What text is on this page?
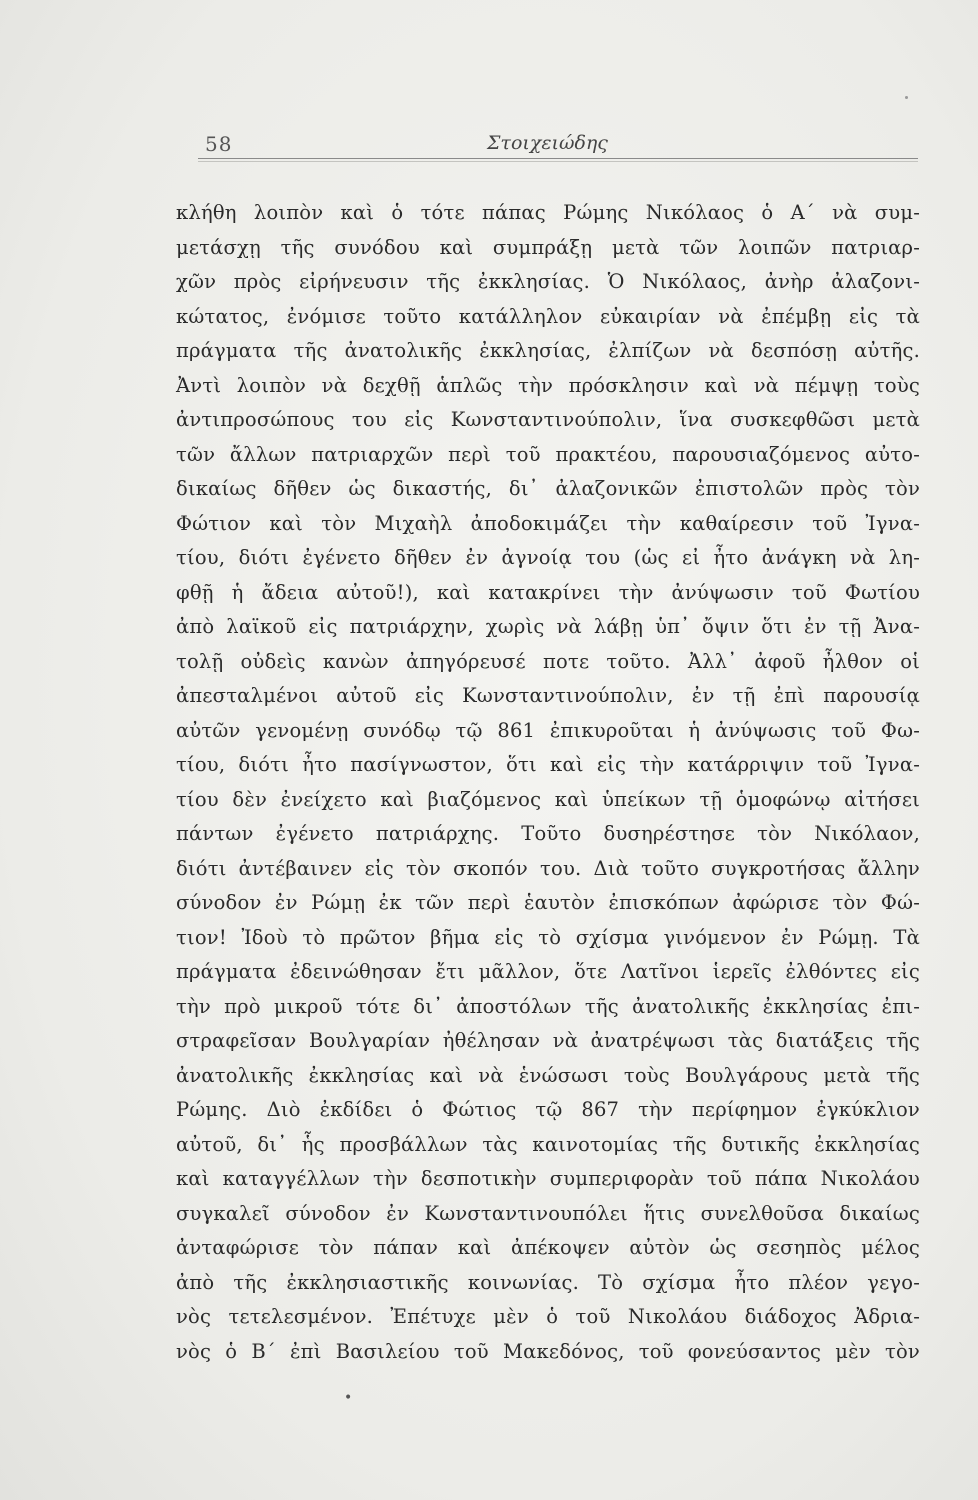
58	Στοιχειώδης
κλήθη λοιπὸν καὶ ὁ τότε πάπας Ρώμης Νικόλαος ὁ Α΄ νὰ συμ-
μετάσχῃ τῆς συνόδου καὶ συμπράξῃ μετὰ τῶν λοιπῶν πατριαρ-
χῶν πρὸς εἰρήνευσιν τῆς ἐκκλησίας. Ὁ Νικόλαος, ἀνὴρ ἀλαζονι-
κώτατος, ἐνόμισε τοῦτο κατάλληλον εὐκαιρίαν νὰ ἐπέμβῃ εἰς τὰ
πράγματα τῆς ἀνατολικῆς ἐκκλησίας, ἐλπίζων νὰ δεσπόσῃ αὐτῆς.
Ἀντὶ λοιπὸν νὰ δεχθῇ ἁπλῶς τὴν πρόσκλησιν καὶ νὰ πέμψῃ τοὺς
ἀντιπροσώπους του εἰς Κωνσταντινούπολιν, ἵνα συσκεφθῶσι μετὰ
τῶν ἄλλων πατριαρχῶν περὶ τοῦ πρακτέου, παρουσιαζόμενος αὐτο-
δικαίως δῆθεν ὡς δικαστής, δι᾽ ἀλαζονικῶν ἐπιστολῶν πρὸς τὸν
Φώτιον καὶ τὸν Μιχαὴλ ἀποδοκιμάζει τὴν καθαίρεσιν τοῦ Ἰγνα-
τίου, διότι ἐγένετο δῆθεν ἐν ἀγνοίᾳ του (ὡς εἰ ἦτο ἀνάγκη νὰ λη-
φθῇ ἡ ἄδεια αὐτοῦ!), καὶ κατακρίνει τὴν ἀνύψωσιν τοῦ Φωτίου
ἀπὸ λαϊκοῦ εἰς πατριάρχην, χωρὶς νὰ λάβῃ ὑπ᾽ ὄψιν ὅτι ἐν τῇ Ἀνα-
τολῇ οὐδεὶς κανὼν ἀπηγόρευσέ ποτε τοῦτο. Ἀλλ᾽ ἀφοῦ ἦλθον οἱ
ἀπεσταλμένοι αὐτοῦ εἰς Κωνσταντινούπολιν, ἐν τῇ ἐπὶ παρουσίᾳ
αὐτῶν γενομένῃ συνόδῳ τῷ 861 ἐπικυροῦται ἡ ἀνύψωσις τοῦ Φω-
τίου, διότι ἦτο πασίγνωστον, ὅτι καὶ εἰς τὴν κατάρριψιν τοῦ Ἰγνα-
τίου δὲν ἐνείχετο καὶ βιαζόμενος καὶ ὑπείκων τῇ ὁμοφώνῳ αἰτήσει
πάντων ἐγένετο πατριάρχης. Τοῦτο δυσηρέστησε τὸν Νικόλαον,
διότι ἀντέβαινεν εἰς τὸν σκοπόν του. Διὰ τοῦτο συγκροτήσας ἄλλην
σύνοδον ἐν Ρώμῃ ἐκ τῶν περὶ ἑαυτὸν ἐπισκόπων ἀφώρισε τὸν Φώ-
τιον! Ἰδοὺ τὸ πρῶτον βῆμα εἰς τὸ σχίσμα γινόμενον ἐν Ρώμῃ. Τὰ
πράγματα ἐδεινώθησαν ἔτι μᾶλλον, ὅτε Λατῖνοι ἱερεῖς ἐλθόντες εἰς
τὴν πρὸ μικροῦ τότε δι᾽ ἀποστόλων τῆς ἀνατολικῆς ἐκκλησίας ἐπι-
στραφεῖσαν Βουλγαρίαν ἠθέλησαν νὰ ἀνατρέψωσι τὰς διατάξεις τῆς
ἀνατολικῆς ἐκκλησίας καὶ νὰ ἑνώσωσι τοὺς Βουλγάρους μετὰ τῆς
Ρώμης. Διὸ ἐκδίδει ὁ Φώτιος τῷ 867 τὴν περίφημον ἐγκύκλιον
αὐτοῦ, δι᾽ ἧς προσβάλλων τὰς καινοτομίας τῆς δυτικῆς ἐκκλησίας
καὶ καταγγέλλων τὴν δεσποτικὴν συμπεριφορὰν τοῦ πάπα Νικολάου
συγκαλεῖ σύνοδον ἐν Κωνσταντινουπόλει ἥτις συνελθοῦσα δικαίως
ἀνταφώρισε τὸν πάπαν καὶ ἀπέκοψεν αὐτὸν ὡς σεσηπὸς μέλος
ἀπὸ τῆς ἐκκλησιαστικῆς κοινωνίας. Τὸ σχίσμα ἦτο πλέον γεγο-
νὸς τετελεσμένον. Ἐπέτυχε μὲν ὁ τοῦ Νικολάου διάδοχος Ἀδρια-
νὸς ὁ Β΄ ἐπὶ Βασιλείου τοῦ Μακεδόνος, τοῦ φονεύσαντος μὲν τὸν
•
